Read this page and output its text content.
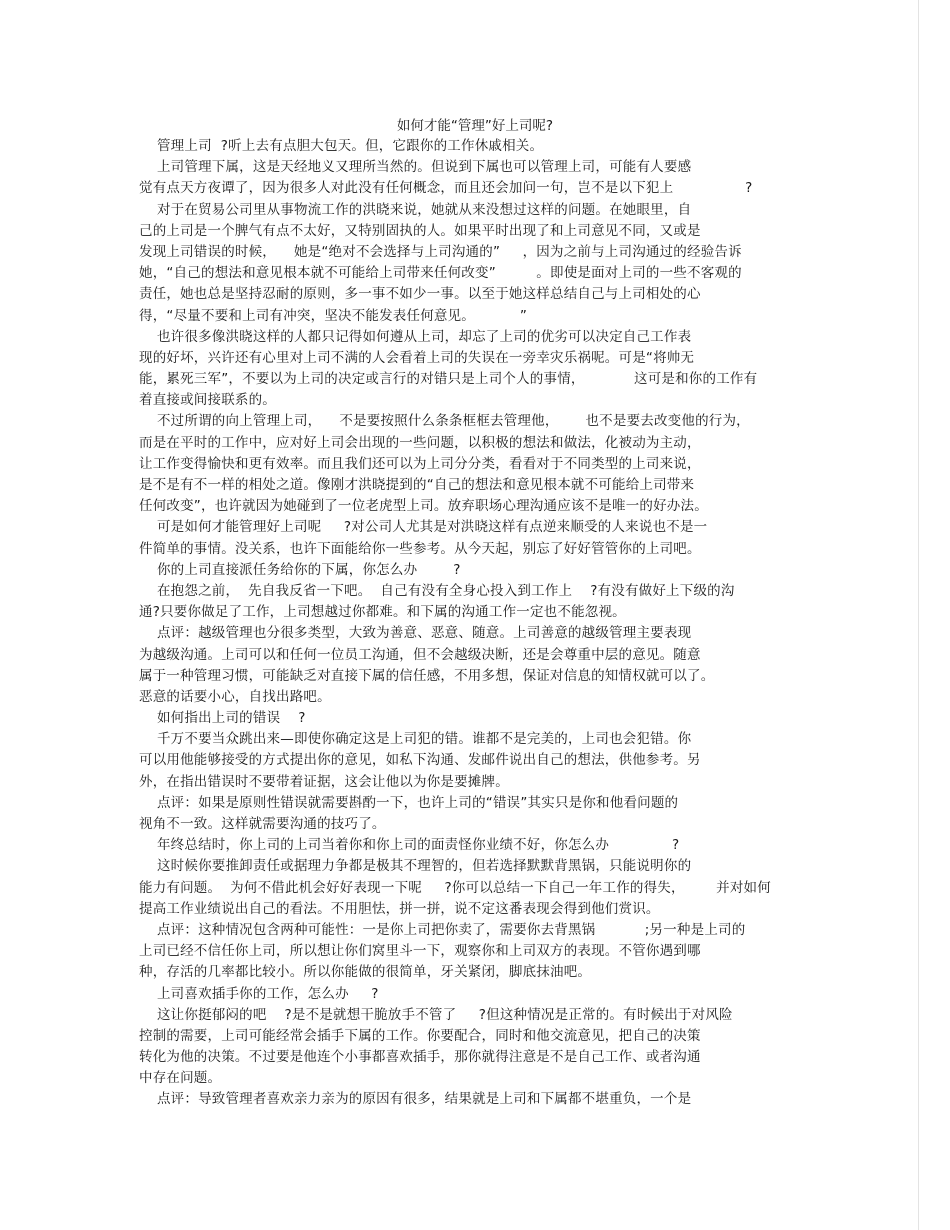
如何才能“管理”好上司呢?
管理上司  ?听上去有点胆大包天。但，它跟你的工作休戚相关。
上司管理下属，这是天经地义又理所当然的。但说到下属也可以管理上司，可能有人要感
觉有点天方夜谭了，因为很多人对此没有任何概念，而且还会加问一句，岂不是以下犯上                ?
对于在贸易公司里从事物流工作的洪晓来说，她就从来没想过这样的问题。在她眼里，自
己的上司是一个脾气有点不太好，又特别固执的人。如果平时出现了和上司意见不同，又或是
发现上司错误的时候，    她是“绝对不会选择与上司沟通的”     ，因为之前与上司沟通过的经验告诉
她，“自己的想法和意见根本就不可能给上司带来任何改变”         。即使是面对上司的一些不客观的
责任，她也总是坚持忍耐的原则，多一事不如少一事。以至于她这样总结自己与上司相处的心
得，“尽量不要和上司有冲突，坚决不能发表任何意见。          ”
也许很多像洪晓这样的人都只记得如何遵从上司，却忘了上司的优劣可以决定自己工作表
现的好坏，兴许还有心里对上司不满的人会看着上司的失误在一旁幸灾乐祸呢。可是“将帅无
能，累死三军”，不要以为上司的决定或言行的对错只是上司个人的事情，           这可是和你的工作有
着直接或间接联系的。
不过所谓的向上管理上司，    不是要按照什么条条框框去管理他，      也不是要去改变他的行为，
而是在平时的工作中，应对好上司会出现的一些问题，以积极的想法和做法，化被动为主动，
让工作变得愉快和更有效率。而且我们还可以为上司分分类，看看对于不同类型的上司来说，
是不是有不一样的相处之道。像刚才洪晓提到的“自己的想法和意见根本就不可能给上司带来
任何改变”，也许就因为她碰到了一位老虎型上司。放弃职场心理沟通应该不是唯一的好办法。
可是如何才能管理好上司呢     ?对公司人尤其是对洪晓这样有点逆来顺受的人来说也不是一
件简单的事情。没关系，也许下面能给你一些参考。从今天起，别忘了好好管管你的上司吧。
你的上司直接派任务给你的下属，你怎么办        ?
在抱怨之前，  先自我反省一下吧。  自己有没有全身心投入到工作上    ?有没有做好上下级的沟
通?只要你做足了工作，上司想越过你都难。和下属的沟通工作一定也不能忽视。
点评：越级管理也分很多类型，大致为善意、恶意、随意。上司善意的越级管理主要表现
为越级沟通。上司可以和任何一位员工沟通，但不会越级决断，还是会尊重中层的意见。随意
属于一种管理习惯，可能缺乏对直接下属的信任感，不用多想，保证对信息的知情权就可以了。
恶意的话要小心，自找出路吧。
如何指出上司的错误    ?
千万不要当众跳出来—即使你确定这是上司犯的错。谁都不是完美的，上司也会犯错。你
可以用他能够接受的方式提出你的意见，如私下沟通、发邮件说出自己的想法，供他参考。另
外，在指出错误时不要带着证据，这会让他以为你是要摊牌。
点评：如果是原则性错误就需要斟酌一下，也许上司的“错误”其实只是你和他看问题的
视角不一致。这样就需要沟通的技巧了。
年终总结时，你上司的上司当着你和你上司的面责怪你业绩不好，你怎么办              ?
这时候你要推卸责任或据理力争都是极其不理智的，但若选择默默背黑锅，只能说明你的
能力有问题。  为何不借此机会好好表现一下呢     ?你可以总结一下自己一年工作的得失，       并对如何
提高工作业绩说出自己的看法。不用胆怯，拼一拼，说不定这番表现会得到他们赏识。
点评：这种情况包含两种可能性：一是你上司把你卖了，需要你去背黑锅           ;另一种是上司的
上司已经不信任你上司，所以想让你们窝里斗一下，观察你和上司双方的表现。不管你遇到哪
种，存活的几率都比较小。所以你能做的很简单，牙关紧闭，脚底抹油吧。
上司喜欢插手你的工作，怎么办     ?
这让你挺郁闷的吧    ?是不是就想干脆放手不管了     ?但这种情况是正常的。有时候出于对风险
控制的需要，上司可能经常会插手下属的工作。你要配合，同时和他交流意见，把自己的决策
转化为他的决策。不过要是他连个小事都喜欢插手，那你就得注意是不是自己工作、或者沟通
中存在问题。
点评：导致管理者喜欢亲力亲为的原因有很多，结果就是上司和下属都不堪重负，一个是
